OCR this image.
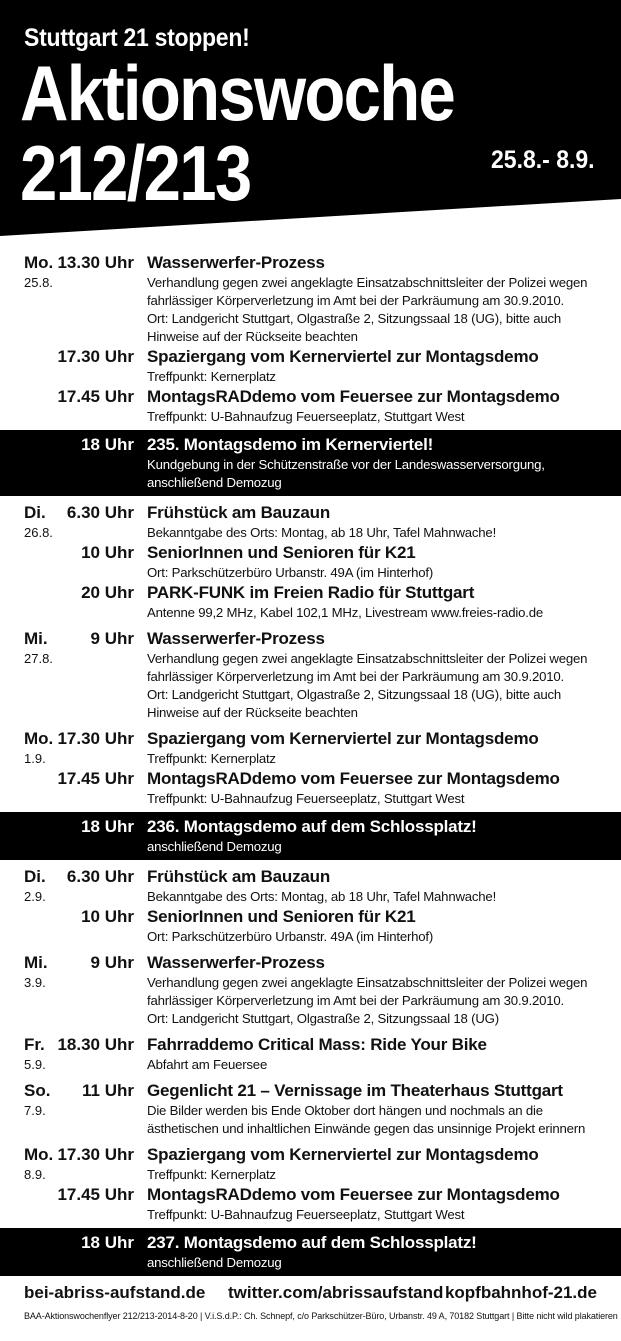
Stuttgart 21 stoppen!
Aktionswoche
212/213	25.8.- 8.9.
Mo.
25.8.
13.30 Uhr Wasserwerfer-Prozess
Verhandlung gegen zwei angeklagte Einsatzabschnittsleiter der Polizei wegen
fahrlässiger Körperverletzung im Amt bei der Parkräumung am 30.9.2010.
Ort: Landgericht Stuttgart, Olgastraße 2, Sitzungssaal 18 (UG), bitte auch
Hinweise auf der Rückseite beachten
17.30 Uhr Spaziergang vom Kernerviertel zur Montagsdemo
Treffpunkt: Kernerplatz
17.45 Uhr MontagsRADdemo vom Feuersee zur Montagsdemo
Treffpunkt: U-Bahnaufzug Feuerseeplatz, Stuttgart West
18 Uhr 235. Montagsdemo im Kernerviertel!
Kundgebung in der Schützenstraße vor der Landeswasserversorgung,
anschließend Demozug
Di.
26.8.
6.30 Uhr Frühstück am Bauzaun
Bekanntgabe des Orts: Montag, ab 18 Uhr, Tafel Mahnwache!
10 Uhr SeniorInnen und Senioren für K21
Ort: Parkschützerbüro Urbanstr. 49A (im Hinterhof)
20 Uhr PARK-FUNK im Freien Radio für Stuttgart
Antenne 99,2 MHz, Kabel 102,1 MHz, Livestream www.freies-radio.de
Mi.
27.8.
9 Uhr Wasserwerfer-Prozess
Verhandlung gegen zwei angeklagte Einsatzabschnittsleiter der Polizei wegen
fahrlässiger Körperverletzung im Amt bei der Parkräumung am 30.9.2010.
Ort: Landgericht Stuttgart, Olgastraße 2, Sitzungssaal 18 (UG), bitte auch
Hinweise auf der Rückseite beachten
Mo.
1.9.
17.30 Uhr Spaziergang vom Kernerviertel zur Montagsdemo
Treffpunkt: Kernerplatz
17.45 Uhr MontagsRADdemo vom Feuersee zur Montagsdemo
Treffpunkt: U-Bahnaufzug Feuerseeplatz, Stuttgart West
18 Uhr 236. Montagsdemo auf dem Schlossplatz!
anschließend Demozug
Di.
2.9.
6.30 Uhr Frühstück am Bauzaun
Bekanntgabe des Orts: Montag, ab 18 Uhr, Tafel Mahnwache!
10 Uhr SeniorInnen und Senioren für K21
Ort: Parkschützerbüro Urbanstr. 49A (im Hinterhof)
Mi.
3.9.
9 Uhr Wasserwerfer-Prozess
Verhandlung gegen zwei angeklagte Einsatzabschnittsleiter der Polizei wegen
fahrlässiger Körperverletzung im Amt bei der Parkräumung am 30.9.2010.
Ort: Landgericht Stuttgart, Olgastraße 2, Sitzungssaal 18 (UG)
Fr.
5.9.
18.30 Uhr Fahrraddemo Critical Mass: Ride Your Bike
Abfahrt am Feuersee
So.
7.9.
11 Uhr Gegenlicht 21 – Vernissage im Theaterhaus Stuttgart
Die Bilder werden bis Ende Oktober dort hängen und nochmals an die
ästhetischen und inhaltlichen Einwände gegen das unsinnige Projekt erinnern
Mo.
8.9.
17.30 Uhr Spaziergang vom Kernerviertel zur Montagsdemo
Treffpunkt: Kernerplatz
17.45 Uhr MontagsRADdemo vom Feuersee zur Montagsdemo
Treffpunkt: U-Bahnaufzug Feuerseeplatz, Stuttgart West
18 Uhr 237. Montagsdemo auf dem Schlossplatz!
anschließend Demozug
bei-abriss-aufstand.de twitter.com/abrissaufstand kopfbahnhof-21.de
BAA-Aktionswochenflyer 212/213-2014-8-20 | V.i.S.d.P.: Ch. Schnepf, c/o Parkschützer-Büro, Urbanstr. 49 A, 70182 Stuttgart | Bitte nicht wild plakatieren
